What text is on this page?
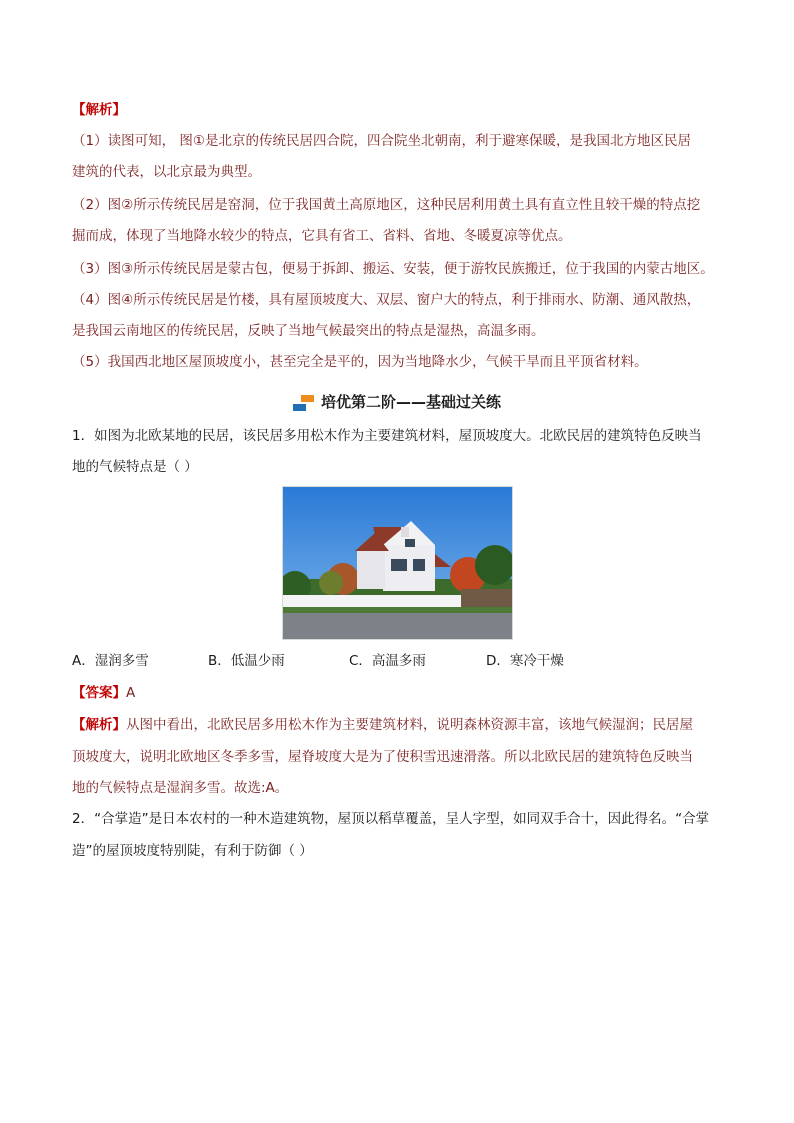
【解析】
（1）读图可知， 图①是北京的传统民居四合院，四合院坐北朝南，利于避寒保暖，是我国北方地区民居
建筑的代表，以北京最为典型。
（2）图②所示传统民居是窑洞，位于我国黄土高原地区，这种民居利用黄土具有直立性且较干燥的特点挖
掘而成，体现了当地降水较少的特点，它具有省工、省料、省地、冬暖夏凉等优点。
（3）图③所示传统民居是蒙古包，便易于拆卸、搬运、安装，便于游牧民族搬迁，位于我国的内蒙古地区。
（4）图④所示传统民居是竹楼，具有屋顶坡度大、双层、窗户大的特点，利于排雨水、防潮、通风散热，
是我国云南地区的传统民居，反映了当地气候最突出的特点是湿热，高温多雨。
（5）我国西北地区屋顶坡度小，甚至完全是平的，因为当地降水少，气候干旱而且平顶省材料。
培优第二阶——基础过关练
1．如图为北欧某地的民居，该民居多用松木作为主要建筑材料，屋顶坡度大。北欧民居的建筑特色反映当
地的气候特点是（ ）
A．湿润多雪	B．低温少雨	C．高温多雨	D．寒冷干燥
【答案】A
【解析】从图中看出，北欧民居多用松木作为主要建筑材料，说明森林资源丰富，该地气候湿润；民居屋
顶坡度大，说明北欧地区冬季多雪，屋脊坡度大是为了使积雪迅速滑落。所以北欧民居的建筑特色反映当
地的气候特点是湿润多雪。故选:A。
2．“合掌造”是日本农村的一种木造建筑物，屋顶以稻草覆盖，呈人字型，如同双手合十，因此得名。“合掌
造”的屋顶坡度特别陡，有利于防御（ ）
